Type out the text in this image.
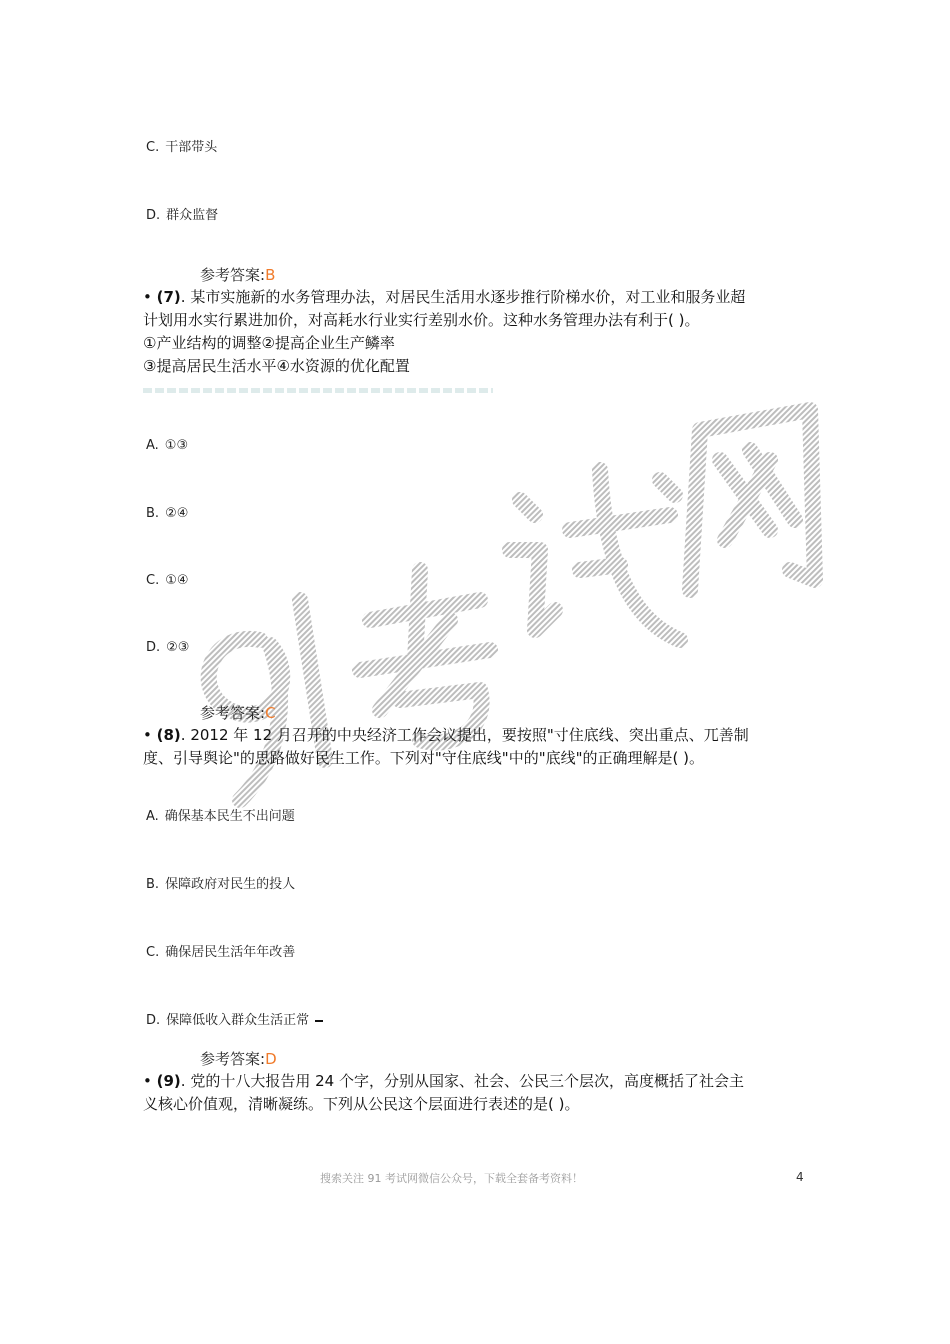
C. 干部带头
D. 群众监督
参考答案:B
• (7). 某市实施新的水务管理办法，对居民生活用水逐步推行阶梯水价，对工业和服务业超
计划用水实行累进加价，对高耗水行业实行差别水价。这种水务管理办法有利于( )。
①产业结构的调整②提高企业生产鳞率
③提高居民生活水平④水资源的优化配置
A. ①③
B. ②④
C. ①④
D. ②③
参考答案:C
• (8). 2012 年 12 月召开的中央经济工作会议提出，要按照"寸住底线、突出重点、兀善制
度、引导舆论"的思路做好民生工作。下列对"守住底线"中的"底线"的正确理解是( )。
A. 确保基本民生不出问题
B. 保障政府对民生的投人
C. 确保居民生活年年改善
D. 保障低收入群众生活正常
参考答案:D
• (9). 党的十八大报告用 24 个字，分别从国家、社会、公民三个层次，高度概括了社会主
义核心价值观，清晰凝练。下列从公民这个层面进行表述的是( )。
搜索关注 91 考试网微信公众号，下载全套备考资料！	4
